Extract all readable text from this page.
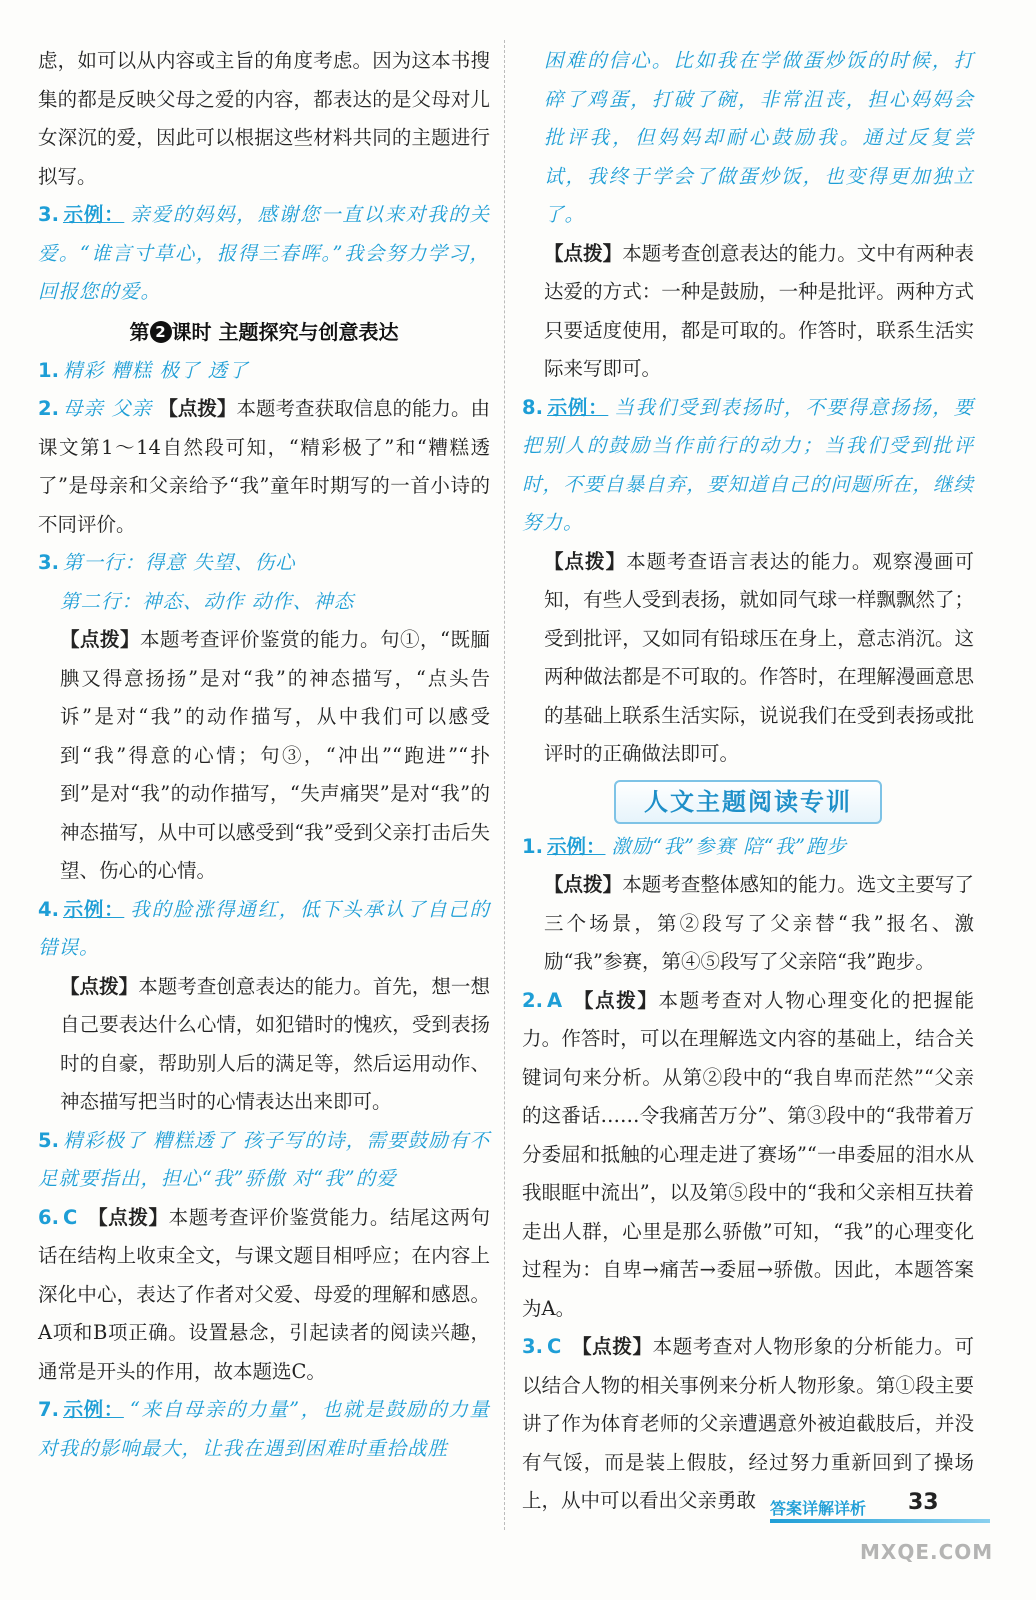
虑，如可以从内容或主旨的角度考虑。因为这本书搜集的都是反映父母之爱的内容，都表达的是父母对儿女深沉的爱，因此可以根据这些材料共同的主题进行拟写。
3. 示例： 亲爱的妈妈，感谢您一直以来对我的关爱。“谁言寸草心，报得三春晖。”我会努力学习，回报您的爱。
第 2 课时 主题探究与创意表达
1. 精彩 糟糕 极了 透了
2. 母亲 父亲 【点拨】本题考查获取信息的能力。由课文第1～14自然段可知，“精彩极了”和“糟糕透了”是母亲和父亲给予“我”童年时期写的一首小诗的不同评价。
3. 第一行：得意 失望、伤心
第二行：神态、动作 动作、神态
【点拨】本题考查评价鉴赏的能力。句①，“既腼腆又得意扬扬”是对“我”的神态描写，“点头告诉”是对“我”的动作描写，从中我们可以感受到“我”得意的心情；句③，“冲出”“跑进”“扑到”是对“我”的动作描写，“失声痛哭”是对“我”的神态描写，从中可以感受到“我”受到父亲打击后失望、伤心的心情。
4. 示例： 我的脸涨得通红，低下头承认了自己的错误。
【点拨】本题考查创意表达的能力。首先，想一想自己要表达什么心情，如犯错时的愧疚，受到表扬时的自豪，帮助别人后的满足等，然后运用动作、神态描写把当时的心情表达出来即可。
5. 精彩极了 糟糕透了 孩子写的诗，需要鼓励有不足就要指出，担心“我”骄傲 对“我”的爱
6. C 【点拨】本题考查评价鉴赏能力。结尾这两句话在结构上收束全文，与课文题目相呼应；在内容上深化中心，表达了作者对父爱、母爱的理解和感恩。A项和B项正确。设置悬念，引起读者的阅读兴趣，通常是开头的作用，故本题选C。
7. 示例： “来自母亲的力量”，也就是鼓励的力量对我的影响最大，让我在遇到困难时重拾战胜
困难的信心。比如我在学做蛋炒饭的时候，打碎了鸡蛋，打破了碗，非常沮丧，担心妈妈会批评我，但妈妈却耐心鼓励我。通过反复尝试，我终于学会了做蛋炒饭，也变得更加独立了。
【点拨】本题考查创意表达的能力。文中有两种表达爱的方式：一种是鼓励，一种是批评。两种方式只要适度使用，都是可取的。作答时，联系生活实际来写即可。
8. 示例： 当我们受到表扬时，不要得意扬扬，要把别人的鼓励当作前行的动力；当我们受到批评时，不要自暴自弃，要知道自己的问题所在，继续努力。
【点拨】本题考查语言表达的能力。观察漫画可知，有些人受到表扬，就如同气球一样飘飘然了；受到批评，又如同有铅球压在身上，意志消沉。这两种做法都是不可取的。作答时，在理解漫画意思的基础上联系生活实际，说说我们在受到表扬或批评时的正确做法即可。
人文主题阅读专训
1. 示例： 激励“我”参赛 陪“我”跑步
【点拨】本题考查整体感知的能力。选文主要写了三个场景，第②段写了父亲替“我”报名、激励“我”参赛，第④⑤段写了父亲陪“我”跑步。
2. A 【点拨】本题考查对人物心理变化的把握能力。作答时，可以在理解选文内容的基础上，结合关键词句来分析。从第②段中的“我自卑而茫然”“父亲的这番话……令我痛苦万分”、第③段中的“我带着万分委屈和抵触的心理走进了赛场”“一串委屈的泪水从我眼眶中流出”，以及第⑤段中的“我和父亲相互扶着走出人群，心里是那么骄傲”可知，“我”的心理变化过程为：自卑→痛苦→委屈→骄傲。因此，本题答案为A。
3. C 【点拨】本题考查对人物形象的分析能力。可以结合人物的相关事例来分析人物形象。第①段主要讲了作为体育老师的父亲遭遇意外被迫截肢后，并没有气馁，而是装上假肢，经过努力重新回到了操场上，从中可以看出父亲勇敢 答案详解详析 33
MXQE.COM
